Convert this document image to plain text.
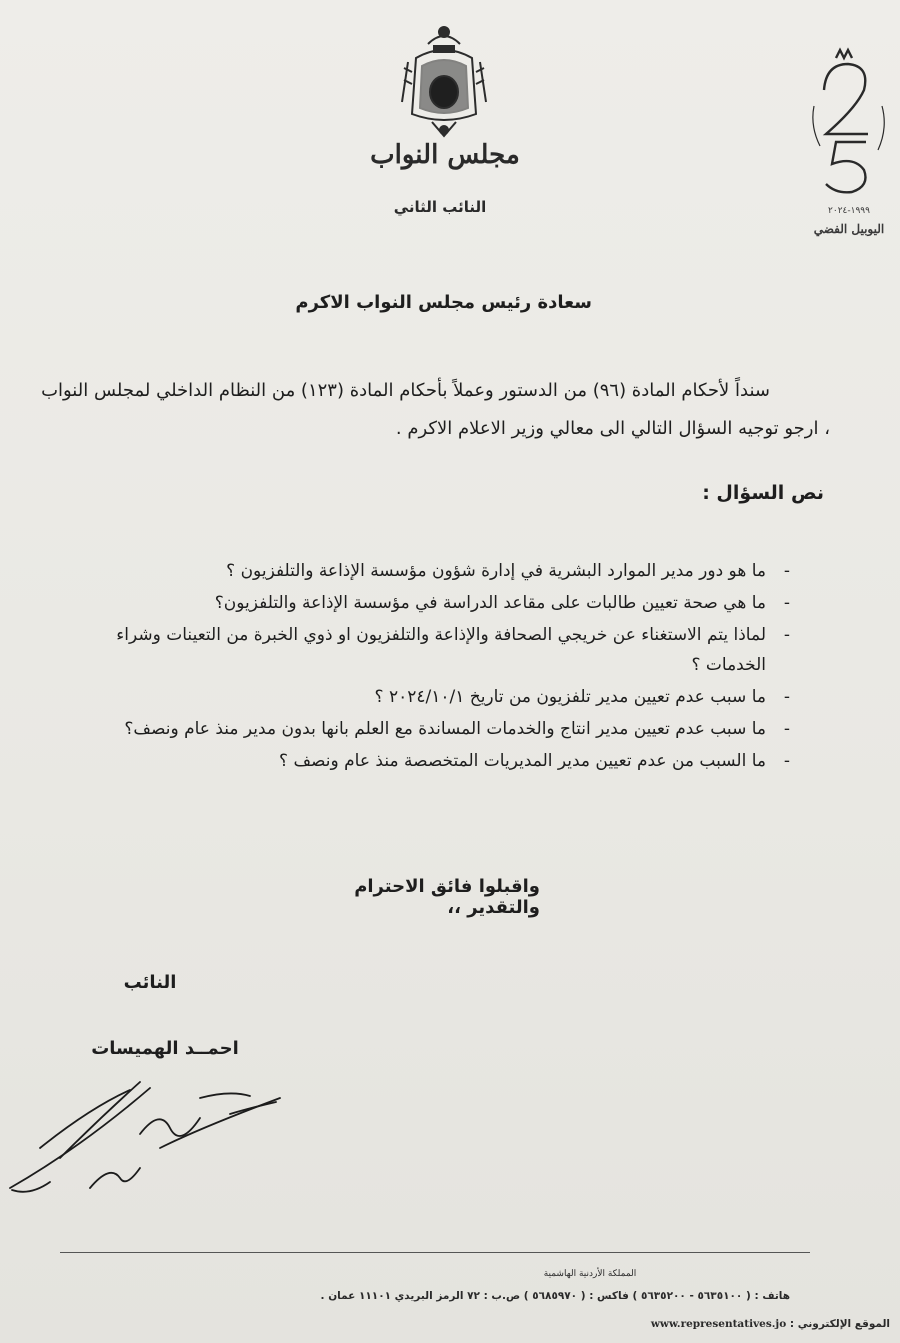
مجلس النواب
النائب الثاني	١٩٩٩-٢٠٢٤
اليوبيل الفضي
سعادة رئيس مجلس النواب الاكرم

سنداً لأحكام المادة (٩٦) من الدستور وعملاً بأحكام المادة (١٢٣) من النظام الداخلي لمجلس النواب ، ارجو توجيه السؤال التالي الى معالي وزير الاعلام الاكرم .

نص السؤال :
- ما هو دور مدير الموارد البشرية في إدارة شؤون مؤسسة الإذاعة والتلفزيون ؟
- ما هي صحة تعيين طالبات على مقاعد الدراسة في مؤسسة الإذاعة والتلفزيون؟
- لماذا يتم الاستغناء عن خريجي الصحافة والإذاعة والتلفزيون او ذوي الخبرة من التعينات وشراء الخدمات ؟
- ما سبب عدم تعيين مدير تلفزيون من تاريخ ٢٠٢٤/١٠/١ ؟
- ما سبب عدم تعيين مدير انتاج والخدمات المساندة مع العلم بانها بدون مدير منذ عام ونصف؟
- ما السبب من عدم تعيين مدير المديريات المتخصصة منذ عام ونصف ؟
واقبلوا فائق الاحترام والتقدير ،،
النائب
احمــد الهميسات
المملكة الأردنية الهاشمية
هاتف : ( ٥٦٣٥١٠٠ - ٥٦٣٥٢٠٠ ) فاكس : ( ٥٦٨٥٩٧٠ ) ص.ب : ٧٢ الرمز البريدي ١١١٠١ عمان .
الموقع الإلكتروني : www.representatives.jo
